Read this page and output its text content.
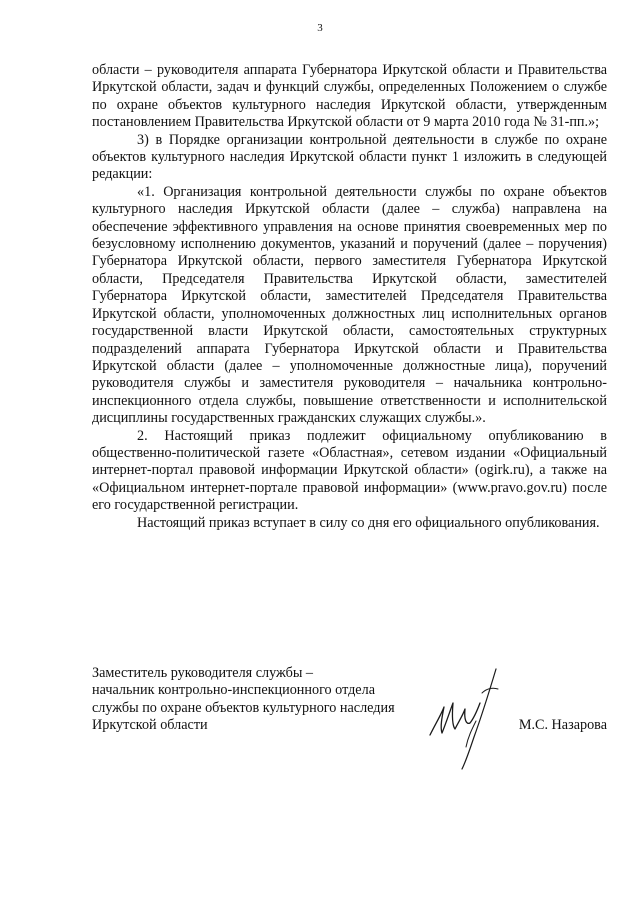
3

области – руководителя аппарата Губернатора Иркутской области и Правительства Иркутской области, задач и функций службы, определенных Положением о службе по охране объектов культурного наследия Иркутской области, утвержденным постановлением Правительства Иркутской области от 9 марта 2010 года № 31-пп.»;

3) в Порядке организации контрольной деятельности в службе по охране объектов культурного наследия Иркутской области пункт 1 изложить в следующей редакции:

«1. Организация контрольной деятельности службы по охране объектов культурного наследия Иркутской области (далее – служба) направлена на обеспечение эффективного управления на основе принятия своевременных мер по безусловному исполнению документов, указаний и поручений (далее – поручения) Губернатора Иркутской области, первого заместителя Губернатора Иркутской области, Председателя Правительства Иркутской области, заместителей Губернатора Иркутской области, заместителей Председателя Правительства Иркутской области, уполномоченных должностных лиц исполнительных органов государственной власти Иркутской области, самостоятельных структурных подразделений аппарата Губернатора Иркутской области и Правительства Иркутской области (далее – уполномоченные должностные лица), поручений руководителя службы и заместителя руководителя – начальника контрольно-инспекционного отдела службы, повышение ответственности и исполнительской дисциплины государственных гражданских служащих службы.».

2. Настоящий приказ подлежит официальному опубликованию в общественно-политической газете «Областная», сетевом издании «Официальный интернет-портал правовой информации Иркутской области» (ogirk.ru), а также на «Официальном интернет-портале правовой информации» (www.pravo.gov.ru) после его государственной регистрации.

Настоящий приказ вступает в силу со дня его официального опубликования.

Заместитель руководителя службы –
начальник контрольно-инспекционного отдела
службы по охране объектов культурного наследия
Иркутской области	М.С. Назарова
